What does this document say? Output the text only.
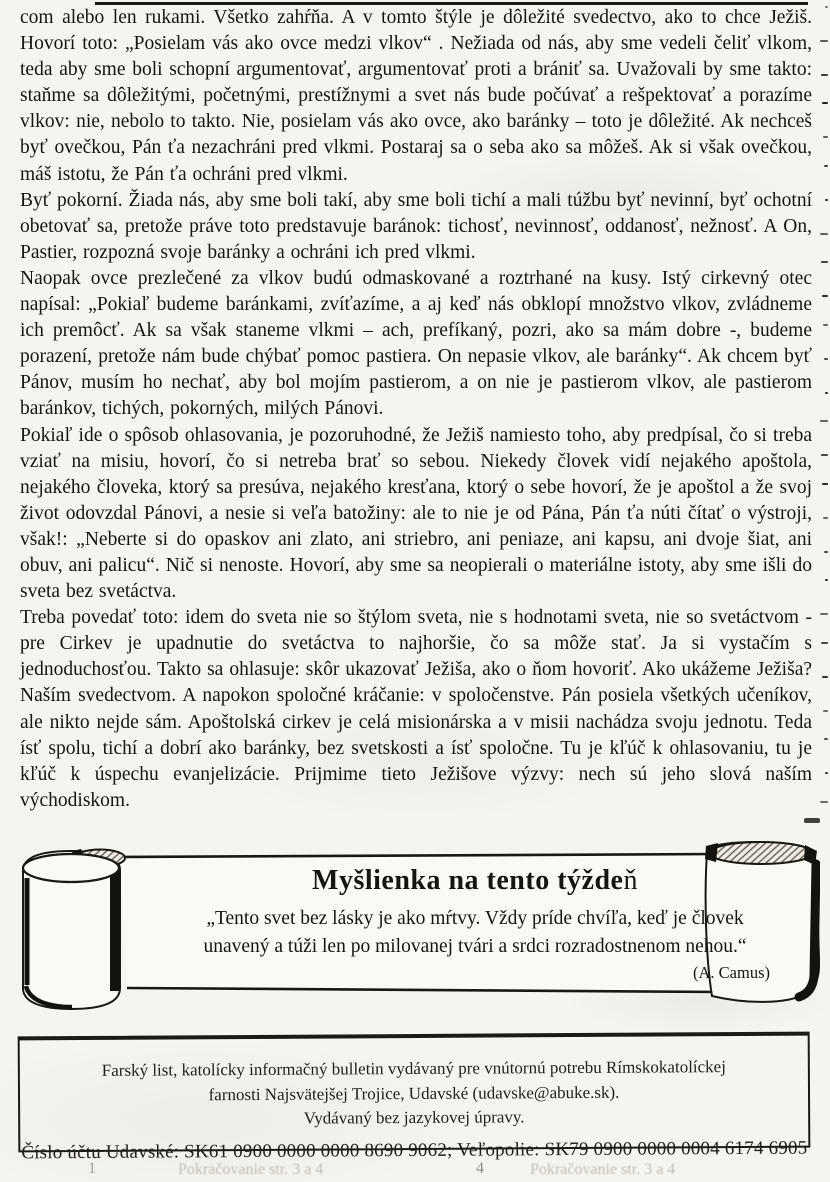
com alebo len rukami. Všetko zahŕňa. A v tomto štýle je dôležité svedectvo, ako to chce Ježiš. Hovorí toto: „Posielam vás ako ovce medzi vlkov“ . Nežiada od nás, aby sme vedeli čeliť vlkom, teda aby sme boli schopní argumentovať, argumentovať proti a brániť sa. Uvažovali by sme takto: staňme sa dôležitými, početnými, prestížnymi a svet nás bude počúvať a rešpektovať a porazíme vlkov: nie, nebolo to takto. Nie, posielam vás ako ovce, ako baránky – toto je dôležité. Ak nechceš byť ovečkou, Pán ťa nezachráni pred vlkmi. Postaraj sa o seba ako sa môžeš. Ak si však ovečkou, máš istotu, že Pán ťa ochráni pred vlkmi.

Byť pokorní. Žiada nás, aby sme boli takí, aby sme boli tichí a mali túžbu byť nevinní, byť ochotní obetovať sa, pretože práve toto predstavuje baránok: tichosť, nevinnosť, oddanosť, nežnosť. A On, Pastier, rozpozná svoje baránky a ochráni ich pred vlkmi.

Naopak ovce prezlečené za vlkov budú odmaskované a roztrhané na kusy. Istý cirkevný otec napísal: „Pokiaľ budeme baránkami, zvíťazíme, a aj keď nás obklopí množstvo vlkov, zvládneme ich premôcť. Ak sa však staneme vlkmi – ach, prefíkaný, pozri, ako sa mám dobre -, budeme porazení, pretože nám bude chýbať pomoc pastiera. On nepasie vlkov, ale baránky“. Ak chcem byť Pánov, musím ho nechať, aby bol mojím pastierom, a on nie je pastierom vlkov, ale pastierom baránkov, tichých, pokorných, milých Pánovi.

Pokiaľ ide o spôsob ohlasovania, je pozoruhodné, že Ježiš namiesto toho, aby predpísal, čo si treba vziať na misiu, hovorí, čo si netreba brať so sebou. Niekedy človek vidí nejakého apoštola, nejakého človeka, ktorý sa presúva, nejakého kresťana, ktorý o sebe hovorí, že je apoštol a že svoj život odovzdal Pánovi, a nesie si veľa batožiny: ale to nie je od Pána, Pán ťa núti čítať o výstroji, však!: „Neberte si do opaskov ani zlato, ani striebro, ani peniaze, ani kapsu, ani dvoje šiat, ani obuv, ani palicu“. Nič si nenoste. Hovorí, aby sme sa neopierali o materiálne istoty, aby sme išli do sveta bez svetáctva.

Treba povedať toto: idem do sveta nie so štýlom sveta, nie s hodnotami sveta, nie so svetáctvom - pre Cirkev je upadnutie do svetáctva to najhoršie, čo sa môže stať. Ja si vystačím s jednoduchosťou. Takto sa ohlasuje: skôr ukazovať Ježiša, ako o ňom hovoriť. Ako ukážeme Ježiša? Naším svedectvom. A napokon spoločné kráčanie: v spoločenstve. Pán posiela všetkých učeníkov, ale nikto nejde sám. Apoštolská cirkev je celá misionárska a v misii nachádza svoju jednotu. Teda ísť spolu, tichí a dobrí ako baránky, bez svetskosti a ísť spoločne. Tu je kľúč k ohlasovaniu, tu je kľúč k úspechu evanjelizácie. Prijmime tieto Ježišove výzvy: nech sú jeho slová naším východiskom.

Myšlienka na tento týždeň
„Tento svet bez lásky je ako mŕtvy. Vždy príde chvíľa, keď je človek
unavený a túži len po milovanej tvári a srdci rozradostnenom nehou.“
(A. Camus)
Farský list, katolícky informačný bulletin vydávaný pre vnútornú potrebu Rímskokatolíckej
farnosti Najsvätejšej Trojice, Udavské (udavske@abuke.sk).
Vydávaný bez jazykovej úpravy.
Číslo účtu Udavské: SK61 0900 0000 0000 8690 9062; Veľopolie: SK79 0900 0000 0004 6174 6905
1	Pokračovanie str. 3 a 4	4	Pokračovanie str. 3 a 4
